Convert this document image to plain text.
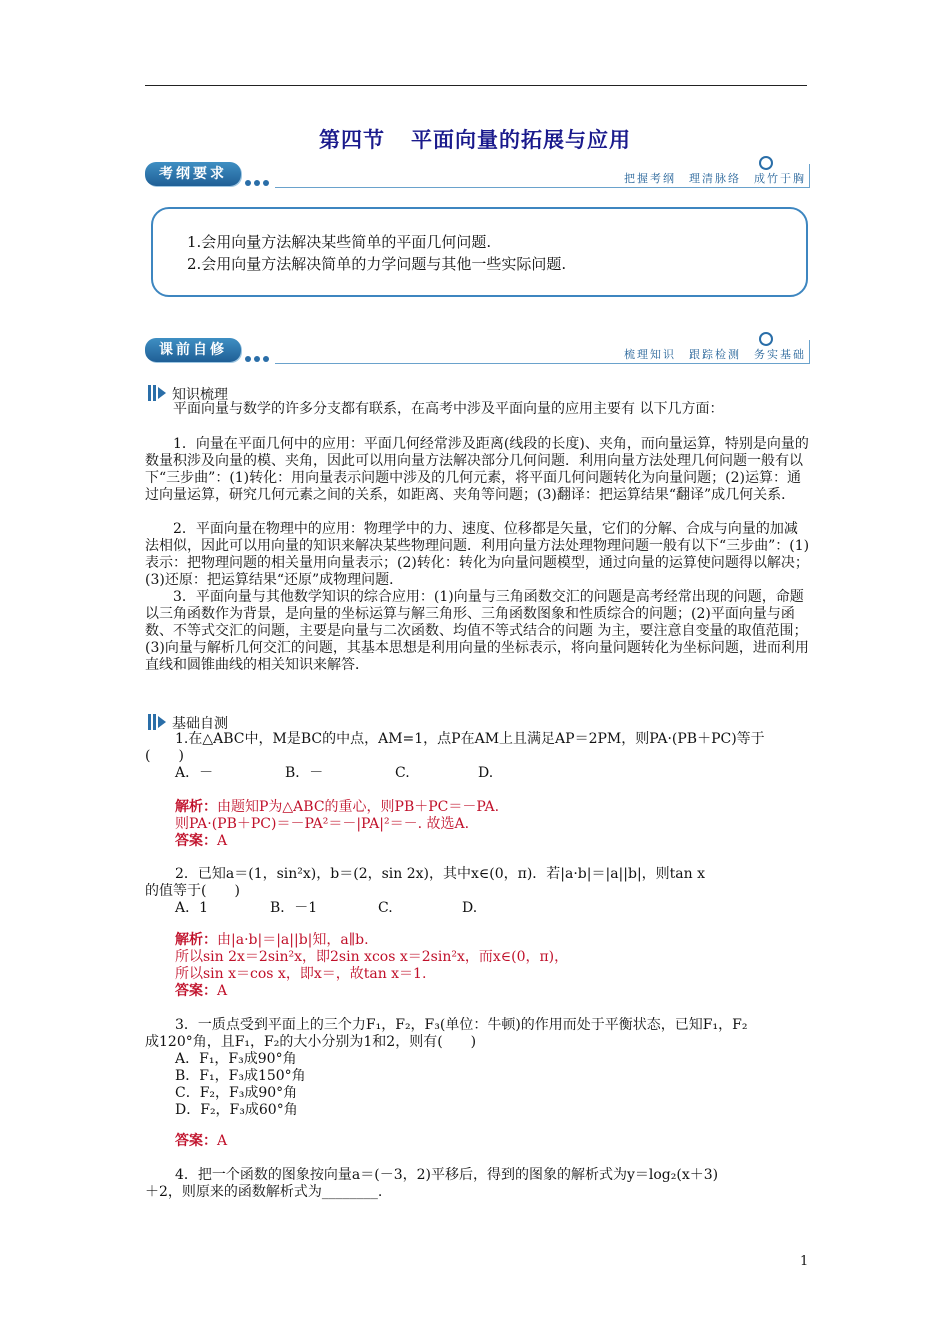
第四节 平面向量的拓展与应用
考纲要求	把握考纲　理清脉络　成竹于胸

1.会用向量方法解决某些简单的平面几何问题.

2.会用向量方法解决简单的力学问题与其他一些实际问题.

课前自修	梳理知识　跟踪检测　务实基础
知识梳理

　　平面向量与数学的许多分支都有联系，在高考中涉及平面向量的应用主要有 以下几方面：

　　1．向量在平面几何中的应用：平面几何经常涉及距离(线段的长度)、夹角，而向量运算，特别是向量的数量积涉及向量的模、夹角，因此可以用向量方法解决部分几何问题．利用向量方法处理几何问题一般有以下“三步曲”：(1)转化：用向量表示问题中涉及的几何元素，将平面几何问题转化为向量问题；(2)运算：通过向量运算，研究几何元素之间的关系，如距离、夹角等问题；(3)翻译：把运算结果“翻译”成几何关系．

　　2．平面向量在物理中的应用：物理学中的力、速度、位移都是矢量，它们的分解、合成与向量的加减法相似，因此可以用向量的知识来解决某些物理问题．利用向量方法处理物理问题一般有以下“三步曲”：(1)表示：把物理问题的相关量用向量表示；(2)转化：转化为向量问题模型，通过向量的运算使问题得以解决；(3)还原：把运算结果“还原”成物理问题．

　　3．平面向量与其他数学知识的综合应用：(1)向量与三角函数交汇的问题是高考经常出现的问题，命题以三角函数作为背景，是向量的坐标运算与解三角形、三角函数图象和性质综合的问题；(2)平面向量与函数、不等式交汇的问题，主要是向量与二次函数、均值不等式结合的问题 为主，要注意自变量的取值范围；(3)向量与解析几何交汇的问题，其基本思想是利用向量的坐标表示，将向量问题转化为坐标问题，进而利用直线和圆锥曲线的相关知识来解答．

基础自测

1.在△ABC中，M是BC的中点，AM=1，点P在AM上且满足AP＝2PM，则PA·(PB＋PC)等于

(　　)

A．－	B．－	C.	D.

解析：由题知P为△ABC的重心，则PB＋PC＝－PA.

则PA·(PB＋PC)＝－PA²＝－|PA|²＝－. 故选A.

答案：A

2．已知a＝(1，sin²x)，b＝(2，sin 2x)，其中x∈(0，π)．若|a·b|＝|a||b|，则tan x

的值等于(　　)

A．1	B．－1	C.	D.

解析：由|a·b|＝|a||b|知，a∥b.

所以sin 2x＝2sin²x，即2sin xcos x＝2sin²x，而x∈(0，π)，

所以sin x＝cos x，即x＝，故tan x＝1.

答案：A

3．一质点受到平面上的三个力F₁，F₂，F₃(单位：牛顿)的作用而处于平衡状态，已知F₁，F₂

成120°角，且F₁，F₂的大小分别为1和2，则有(　　)

A．F₁，F₃成90°角

B．F₁，F₃成150°角

C．F₂，F₃成90°角

D．F₂，F₃成60°角

答案：A

4．把一个函数的图象按向量a＝(－3，2)平移后，得到的图象的解析式为y＝log₂(x＋3)

＋2，则原来的函数解析式为________.

1
